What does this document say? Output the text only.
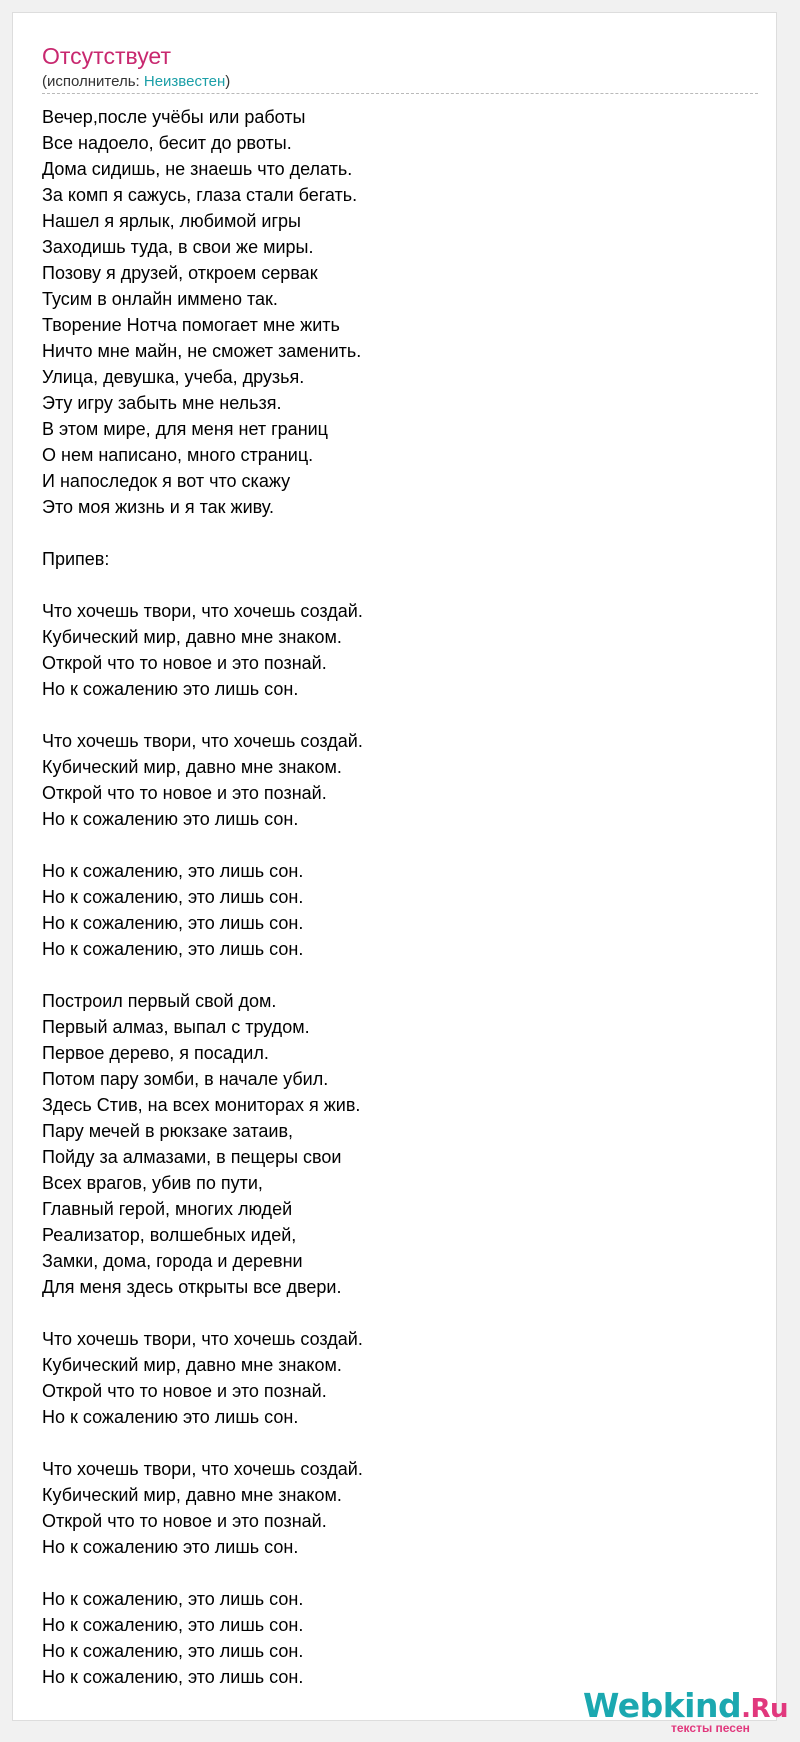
Отсутствует
(исполнитель: Неизвестен)
Вечер,после учёбы или работы
Все надоело, бесит до рвоты.
Дома сидишь, не знаешь что делать.
За комп я сажусь, глаза стали бегать.
Нашел я ярлык, любимой игры
Заходишь туда, в свои же миры.
Позову я друзей, откроем сервак
Тусим в онлайн иммено так.
Творение Нотча помогает мне жить
Ничто мне майн, не сможет заменить.
Улица, девушка, учеба, друзья.
Эту игру забыть мне нельзя.
В этом мире, для меня нет границ
О нем написано, много страниц.
И напоследок я вот что скажу
Это моя жизнь и я так живу.
Припев:
Что хочешь твори, что хочешь создай.
Кубический мир, давно мне знаком.
Открой что то новое и это познай.
Но к сожалению это лишь сон.
Что хочешь твори, что хочешь создай.
Кубический мир, давно мне знаком.
Открой что то новое и это познай.
Но к сожалению это лишь сон.
Но к сожалению, это лишь сон.
Но к сожалению, это лишь сон.
Но к сожалению, это лишь сон.
Но к сожалению, это лишь сон.
Построил первый свой дом.
Первый алмаз, выпал с трудом.
Первое дерево, я посадил.
Потом пару зомби, в начале убил.
Здесь Стив, на всех мониторах я жив.
Пару мечей в рюкзаке затаив,
Пойду за алмазами, в пещеры свои
Всех врагов, убив по пути,
Главный герой, многих людей
Реализатор, волшебных идей,
Замки, дома, города и деревни
Для меня здесь открыты все двери.
Что хочешь твори, что хочешь создай.
Кубический мир, давно мне знаком.
Открой что то новое и это познай.
Но к сожалению это лишь сон.
Что хочешь твори, что хочешь создай.
Кубический мир, давно мне знаком.
Открой что то новое и это познай.
Но к сожалению это лишь сон.
Но к сожалению, это лишь сон.
Но к сожалению, это лишь сон.
Но к сожалению, это лишь сон.
Но к сожалению, это лишь сон.
Webkind.Ru
тексты песен
